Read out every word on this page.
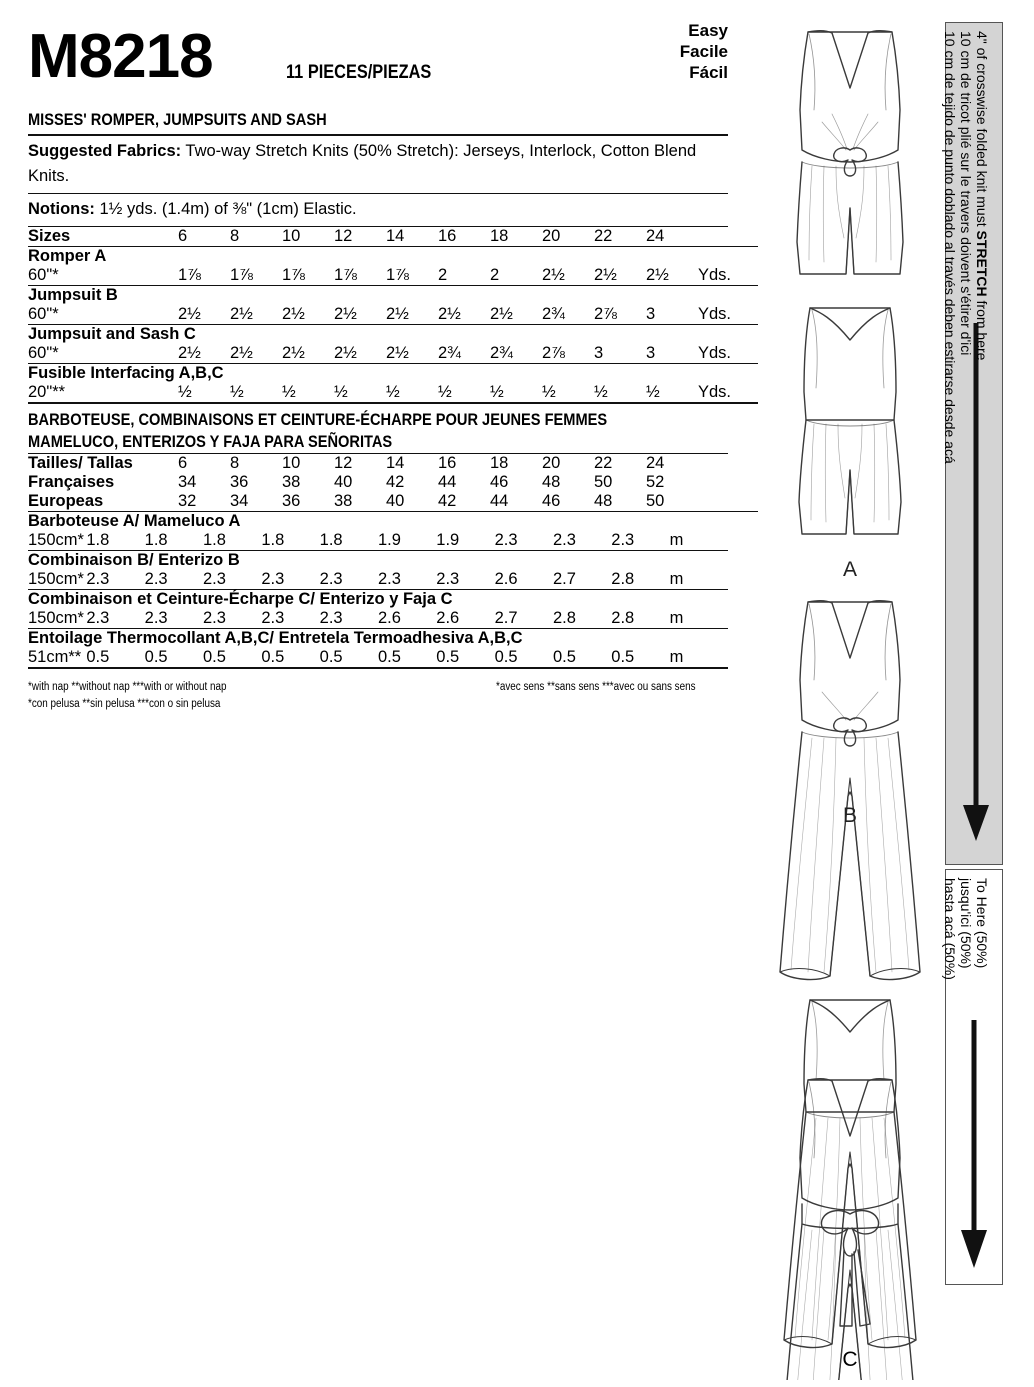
M8218	11 PIECES/PIEZAS
Easy
Facile
Fácil
MISSES' ROMPER, JUMPSUITS AND SASH
Suggested Fabrics: Two-way Stretch Knits (50% Stretch): Jerseys, Interlock, Cotton Blend Knits.
Notions: 1½ yds. (1.4m) of ⅜" (1cm) Elastic.
Sizes	6	8	10	12	14	16	18	20	22	24	
Romper A											
60"*	1⅞	1⅞	1⅞	1⅞	1⅞	2	2	2½	2½	2½	Yds.
Jumpsuit B											
60"*	2½	2½	2½	2½	2½	2½	2½	2¾	2⅞	3	Yds.
Jumpsuit and Sash C											
60"*	2½	2½	2½	2½	2½	2¾	2¾	2⅞	3	3	Yds.
Fusible Interfacing A,B,C											
20"**	½	½	½	½	½	½	½	½	½	½	Yds.
BARBOTEUSE, COMBINAISONS ET CEINTURE-ÉCHARPE POUR JEUNES FEMMES
MAMELUCO, ENTERIZOS Y FAJA PARA SEÑORITAS
Tailles/ Tallas	6	8	10	12	14	16	18	20	22	24	
Françaises	34	36	38	40	42	44	46	48	50	52	
Europeas	32	34	36	38	40	42	44	46	48	50	
Barboteuse A/ Mameluco A											
150cm*	1.8	1.8	1.8	1.8	1.8	1.9	1.9	2.3	2.3	2.3	m
Combinaison B/ Enterizo B											
150cm*	2.3	2.3	2.3	2.3	2.3	2.3	2.3	2.6	2.7	2.8	m
Combinaison et Ceinture-Écharpe C/ Enterizo y Faja C											
150cm*	2.3	2.3	2.3	2.3	2.3	2.6	2.6	2.7	2.8	2.8	m
Entoilage Thermocollant A,B,C/ Entretela Termoadhesiva A,B,C											
51cm**	0.5	0.5	0.5	0.5	0.5	0.5	0.5	0.5	0.5	0.5	m
*with nap **without nap ***with or without nap
*con pelusa **sin pelusa ***con o sin pelusa
*avec sens **sans sens ***avec ou sans sens
A
B
C
4" of crosswise folded knit must STRETCH from here
10 cm de tricot plié sur le travers doivent s'étirer d'ici
10 cm de tejido de punto doblado al través deben estirarse desde acá
To Here (50%)
jusqu'ici (50%)
hasta acá (50%)
